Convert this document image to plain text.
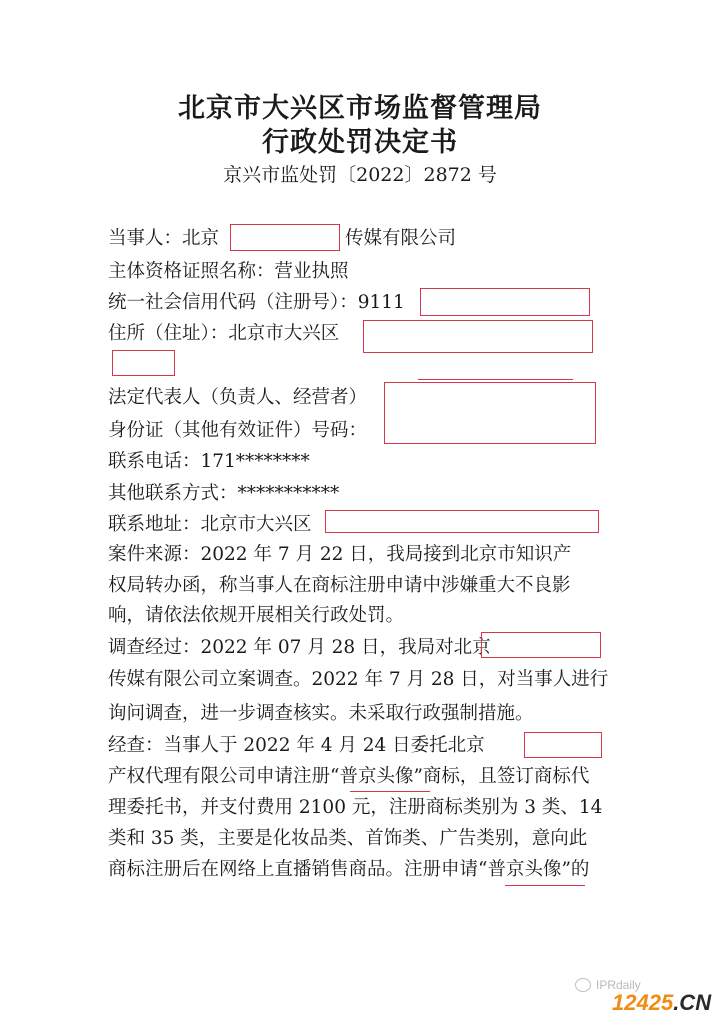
北京市大兴区市场监督管理局
行政处罚决定书
京兴市监处罚〔2022〕2872 号
当事人：北京	传媒有限公司
主体资格证照名称：营业执照
统一社会信用代码（注册号）：9111
住所（住址）：北京市大兴区
法定代表人（负责人、经营者）
身份证（其他有效证件）号码：
联系电话：171********
其他联系方式：***********
联系地址：北京市大兴区
案件来源：2022 年 7 月 22 日，我局接到北京市知识产
权局转办函，称当事人在商标注册申请中涉嫌重大不良影
响，请依法依规开展相关行政处罚。
调查经过：2022 年 07 月 28 日，我局对北京
传媒有限公司立案调查。2022 年 7 月 28 日，对当事人进行
询问调查，进一步调查核实。未采取行政强制措施。
经查：当事人于 2022 年 4 月 24 日委托北京
产权代理有限公司申请注册“普京头像”商标，且签订商标代
理委托书，并支付费用 2100 元，注册商标类别为 3 类、14
类和 35 类，主要是化妆品类、首饰类、广告类别，意向此
商标注册后在网络上直播销售商品。注册申请“普京头像”的
IPRdaily
12425.CN
